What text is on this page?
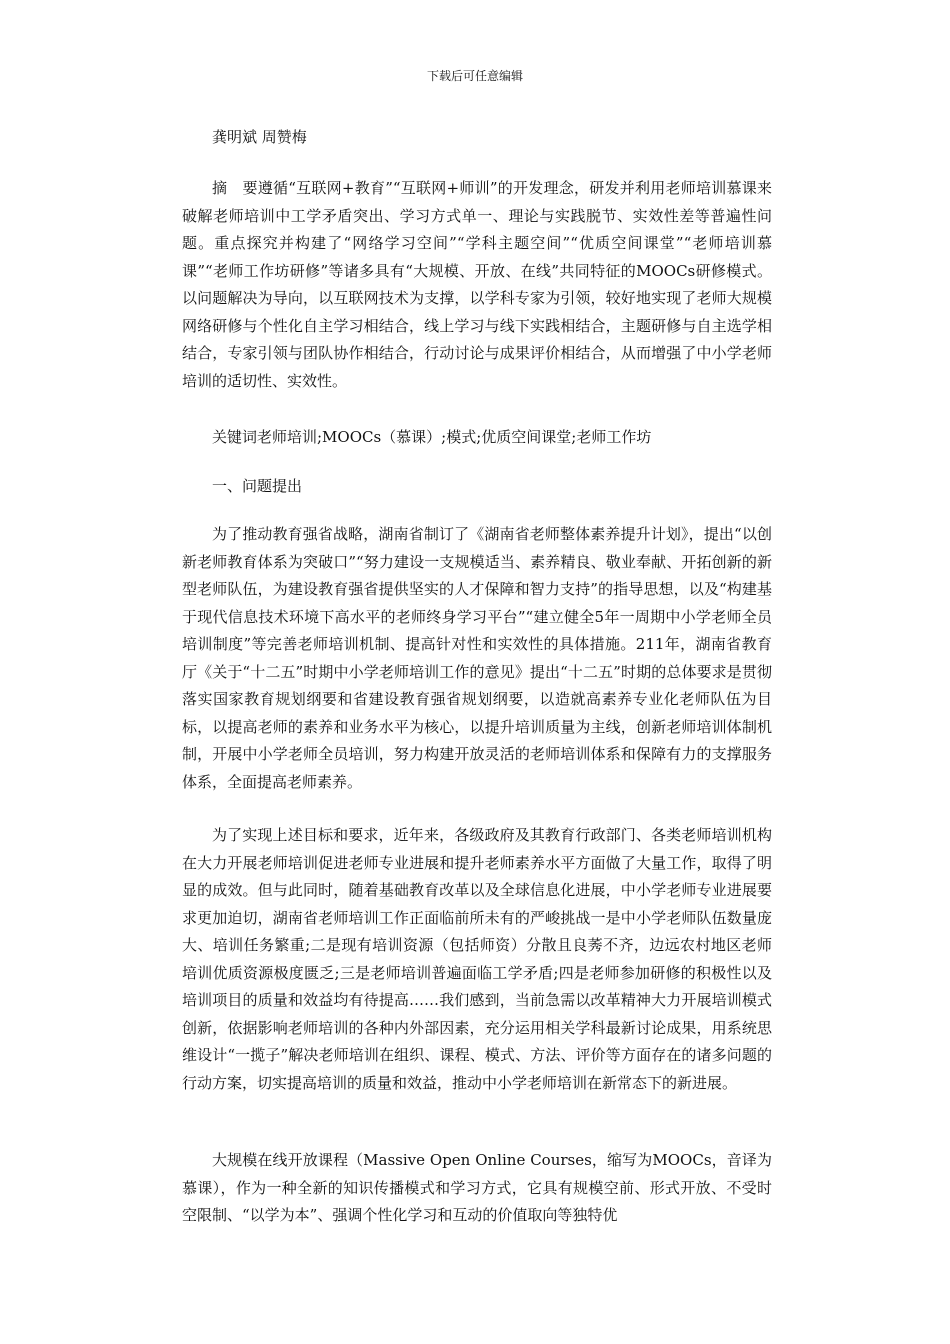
下载后可任意编辑

龚明斌 周赞梅

摘　要遵循“互联网+教育”“互联网+师训”的开发理念，研发并利用老师培训慕课来破解老师培训中工学矛盾突出、学习方式单一、理论与实践脱节、实效性差等普遍性问题。重点探究并构建了“网络学习空间”“学科主题空间”“优质空间课堂”“老师培训慕课”“老师工作坊研修”等诸多具有“大规模、开放、在线”共同特征的MOOCs研修模式。以问题解决为导向，以互联网技术为支撑，以学科专家为引领，较好地实现了老师大规模网络研修与个性化自主学习相结合，线上学习与线下实践相结合，主题研修与自主选学相结合，专家引领与团队协作相结合，行动讨论与成果评价相结合，从而增强了中小学老师培训的适切性、实效性。

关键词老师培训;MOOCs（慕课）;模式;优质空间课堂;老师工作坊

一、问题提出

为了推动教育强省战略，湖南省制订了《湖南省老师整体素养提升计划》，提出“以创新老师教育体系为突破口”“努力建设一支规模适当、素养精良、敬业奉献、开拓创新的新型老师队伍，为建设教育强省提供坚实的人才保障和智力支持”的指导思想，以及“构建基于现代信息技术环境下高水平的老师终身学习平台”“建立健全5年一周期中小学老师全员培训制度”等完善老师培训机制、提高针对性和实效性的具体措施。211年，湖南省教育厅《关于“十二五”时期中小学老师培训工作的意见》提出“十二五”时期的总体要求是贯彻落实国家教育规划纲要和省建设教育强省规划纲要，以造就高素养专业化老师队伍为目标，以提高老师的素养和业务水平为核心，以提升培训质量为主线，创新老师培训体制机制，开展中小学老师全员培训，努力构建开放灵活的老师培训体系和保障有力的支撑服务体系，全面提高老师素养。

为了实现上述目标和要求，近年来，各级政府及其教育行政部门、各类老师培训机构在大力开展老师培训促进老师专业进展和提升老师素养水平方面做了大量工作，取得了明显的成效。但与此同时，随着基础教育改革以及全球信息化进展，中小学老师专业进展要求更加迫切，湖南省老师培训工作正面临前所未有的严峻挑战一是中小学老师队伍数量庞大、培训任务繁重;二是现有培训资源（包括师资）分散且良莠不齐，边远农村地区老师培训优质资源极度匮乏;三是老师培训普遍面临工学矛盾;四是老师参加研修的积极性以及培训项目的质量和效益均有待提高……我们感到，当前急需以改革精神大力开展培训模式创新，依据影响老师培训的各种内外部因素，充分运用相关学科最新讨论成果，用系统思维设计“一揽子”解决老师培训在组织、课程、模式、方法、评价等方面存在的诸多问题的行动方案，切实提高培训的质量和效益，推动中小学老师培训在新常态下的新进展。

大规模在线开放课程（Massive Open Online Courses，缩写为MOOCs，音译为慕课），作为一种全新的知识传播模式和学习方式，它具有规模空前、形式开放、不受时空限制、“以学为本”、强调个性化学习和互动的价值取向等独特优
